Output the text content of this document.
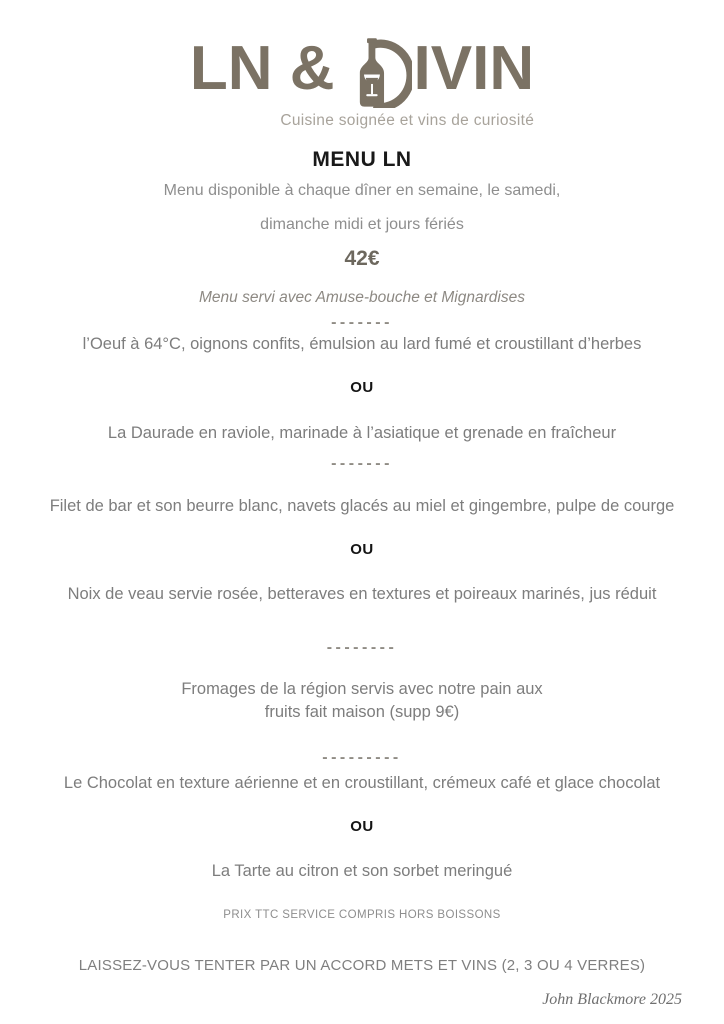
LN & IVIN
Cuisine soignée et vins de curiosité
MENU LN
Menu disponible à chaque dîner en semaine, le samedi,
dimanche midi et jours fériés
42€
Menu servi avec Amuse-bouche et Mignardises
-------
l’Oeuf à 64°C, oignons confits, émulsion au lard fumé et croustillant d’herbes
OU
La Daurade en raviole, marinade à l’asiatique et grenade en fraîcheur
-------
Filet de bar et son beurre blanc, navets glacés au miel et gingembre, pulpe de courge
OU
Noix de veau servie rosée, betteraves en textures et poireaux marinés, jus réduit
--------
Fromages de la région servis avec notre pain aux
fruits fait maison (supp 9€)
---------
Le Chocolat en texture aérienne et en croustillant, crémeux café et glace chocolat
OU
La Tarte au citron et son sorbet meringué
PRIX TTC SERVICE COMPRIS HORS BOISSONS
LAISSEZ-VOUS TENTER PAR UN ACCORD METS ET VINS (2, 3 OU 4 VERRES)
John Blackmore 2025
